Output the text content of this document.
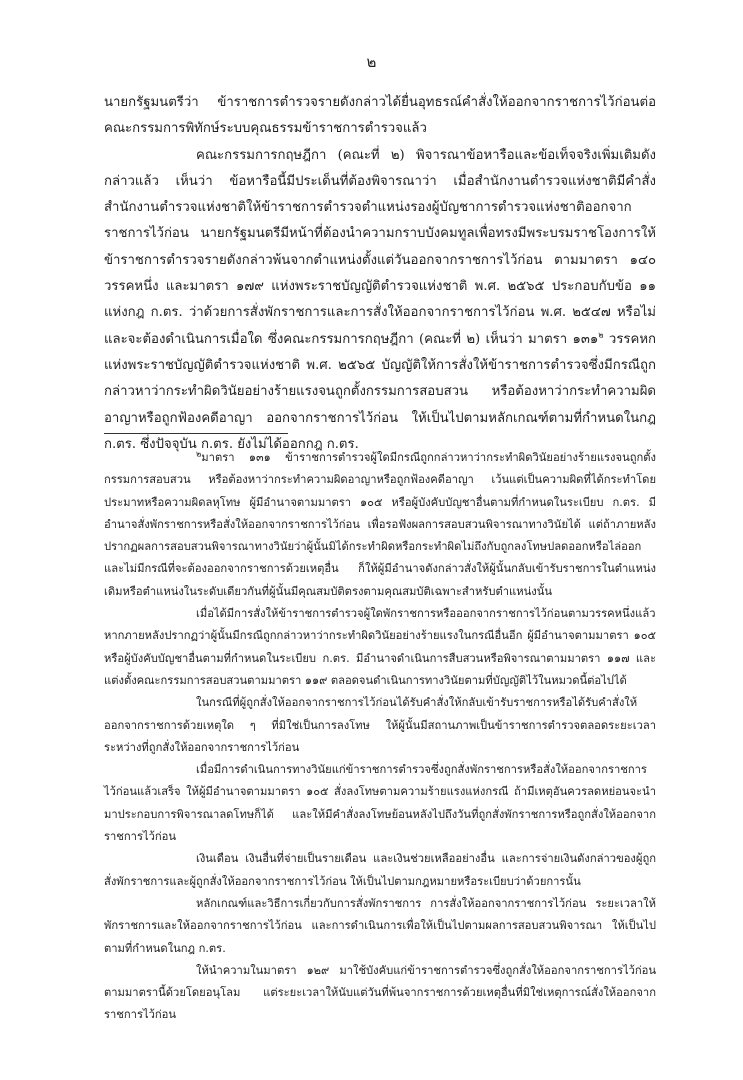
๒

นายกรัฐมนตรีว่า ข้าราชการตำรวจรายดังกล่าวได้ยื่นอุทธรณ์คำสั่งให้ออกจากราชการไว้ก่อนต่อคณะกรรมการพิทักษ์ระบบคุณธรรมข้าราชการตำรวจแล้ว

คณะกรรมการกฤษฎีกา (คณะที่ ๒) พิจารณาข้อหารือและข้อเท็จจริงเพิ่มเติมดังกล่าวแล้ว เห็นว่า ข้อหารือนี้มีประเด็นที่ต้องพิจารณาว่า เมื่อสำนักงานตำรวจแห่งชาติมีคำสั่งสำนักงานตำรวจแห่งชาติให้ข้าราชการตำรวจตำแหน่งรองผู้บัญชาการตำรวจแห่งชาติออกจากราชการไว้ก่อน นายกรัฐมนตรีมีหน้าที่ต้องนำความกราบบังคมทูลเพื่อทรงมีพระบรมราชโองการให้ข้าราชการตำรวจรายดังกล่าวพ้นจากตำแหน่งตั้งแต่วันออกจากราชการไว้ก่อน ตามมาตรา ๑๔๐ วรรคหนึ่ง และมาตรา ๑๗๙ แห่งพระราชบัญญัติตำรวจแห่งชาติ พ.ศ. ๒๕๖๕ ประกอบกับข้อ ๑๑ แห่งกฎ ก.ตร. ว่าด้วยการสั่งพักราชการและการสั่งให้ออกจากราชการไว้ก่อน พ.ศ. ๒๕๔๗ หรือไม่ และจะต้องดำเนินการเมื่อใด ซึ่งคณะกรรมการกฤษฎีกา (คณะที่ ๒) เห็นว่า มาตรา ๑๓๑$^๒$ วรรคหก แห่งพระราชบัญญัติตำรวจแห่งชาติ พ.ศ. ๒๕๖๕ บัญญัติให้การสั่งให้ข้าราชการตำรวจซึ่งมีกรณีถูกกล่าวหาว่ากระทำผิดวินัยอย่างร้ายแรงจนถูกตั้งกรรมการสอบสวน หรือต้องหาว่ากระทำความผิดอาญาหรือถูกฟ้องคดีอาญา ออกจากราชการไว้ก่อน ให้เป็นไปตามหลักเกณฑ์ตามที่กำหนดในกฎ ก.ตร. ซึ่งปัจจุบัน ก.ตร. ยังไม่ได้ออกกฎ ก.ตร.

$^๒$มาตรา ๑๓๑ ข้าราชการตำรวจผู้ใดมีกรณีถูกกล่าวหาว่ากระทำผิดวินัยอย่างร้ายแรงจนถูกตั้งกรรมการสอบสวน หรือต้องหาว่ากระทำความผิดอาญาหรือถูกฟ้องคดีอาญา เว้นแต่เป็นความผิดที่ได้กระทำโดยประมาทหรือความผิดลหุโทษ ผู้มีอำนาจตามมาตรา ๑๐๕ หรือผู้บังคับบัญชาอื่นตามที่กำหนดในระเบียบ ก.ตร. มีอำนาจสั่งพักราชการหรือสั่งให้ออกจากราชการไว้ก่อน เพื่อรอฟังผลการสอบสวนพิจารณาทางวินัยได้ แต่ถ้าภายหลังปรากฏผลการสอบสวนพิจารณาทางวินัยว่าผู้นั้นมิได้กระทำผิดหรือกระทำผิดไม่ถึงกับถูกลงโทษปลดออกหรือไล่ออก และไม่มีกรณีที่จะต้องออกจากราชการด้วยเหตุอื่น ก็ให้ผู้มีอำนาจดังกล่าวสั่งให้ผู้นั้นกลับเข้ารับราชการในตำแหน่งเดิมหรือตำแหน่งในระดับเดียวกันที่ผู้นั้นมีคุณสมบัติตรงตามคุณสมบัติเฉพาะสำหรับตำแหน่งนั้น

เมื่อได้มีการสั่งให้ข้าราชการตำรวจผู้ใดพักราชการหรือออกจากราชการไว้ก่อนตามวรรคหนึ่งแล้ว หากภายหลังปรากฏว่าผู้นั้นมีกรณีถูกกล่าวหาว่ากระทำผิดวินัยอย่างร้ายแรงในกรณีอื่นอีก ผู้มีอำนาจตามมาตรา ๑๐๕ หรือผู้บังคับบัญชาอื่นตามที่กำหนดในระเบียบ ก.ตร. มีอำนาจดำเนินการสืบสวนหรือพิจารณาตามมาตรา ๑๑๗ และแต่งตั้งคณะกรรมการสอบสวนตามมาตรา ๑๑๙ ตลอดจนดำเนินการทางวินัยตามที่บัญญัติไว้ในหมวดนี้ต่อไปได้

ในกรณีที่ผู้ถูกสั่งให้ออกจากราชการไว้ก่อนได้รับคำสั่งให้กลับเข้ารับราชการหรือได้รับคำสั่งให้ออกจากราชการด้วยเหตุใด ๆ ที่มิใช่เป็นการลงโทษ ให้ผู้นั้นมีสถานภาพเป็นข้าราชการตำรวจตลอดระยะเวลาระหว่างที่ถูกสั่งให้ออกจากราชการไว้ก่อน

เมื่อมีการดำเนินการทางวินัยแก่ข้าราชการตำรวจซึ่งถูกสั่งพักราชการหรือสั่งให้ออกจากราชการไว้ก่อนแล้วเสร็จ ให้ผู้มีอำนาจตามมาตรา ๑๐๕ สั่งลงโทษตามความร้ายแรงแห่งกรณี ถ้ามีเหตุอันควรลดหย่อนจะนำมาประกอบการพิจารณาลดโทษก็ได้ และให้มีคำสั่งลงโทษย้อนหลังไปถึงวันที่ถูกสั่งพักราชการหรือถูกสั่งให้ออกจากราชการไว้ก่อน

เงินเดือน เงินอื่นที่จ่ายเป็นรายเดือน และเงินช่วยเหลืออย่างอื่น และการจ่ายเงินดังกล่าวของผู้ถูกสั่งพักราชการและผู้ถูกสั่งให้ออกจากราชการไว้ก่อน ให้เป็นไปตามกฎหมายหรือระเบียบว่าด้วยการนั้น

หลักเกณฑ์และวิธีการเกี่ยวกับการสั่งพักราชการ การสั่งให้ออกจากราชการไว้ก่อน ระยะเวลาให้พักราชการและให้ออกจากราชการไว้ก่อน และการดำเนินการเพื่อให้เป็นไปตามผลการสอบสวนพิจารณา ให้เป็นไปตามที่กำหนดในกฎ ก.ตร.

ให้นำความในมาตรา ๑๒๙ มาใช้บังคับแก่ข้าราชการตำรวจซึ่งถูกสั่งให้ออกจากราชการไว้ก่อนตามมาตรานี้ด้วยโดยอนุโลม แต่ระยะเวลาให้นับแต่วันที่พ้นจากราชการด้วยเหตุอื่นที่มิใช่เหตุการณ์สั่งให้ออกจากราชการไว้ก่อน
